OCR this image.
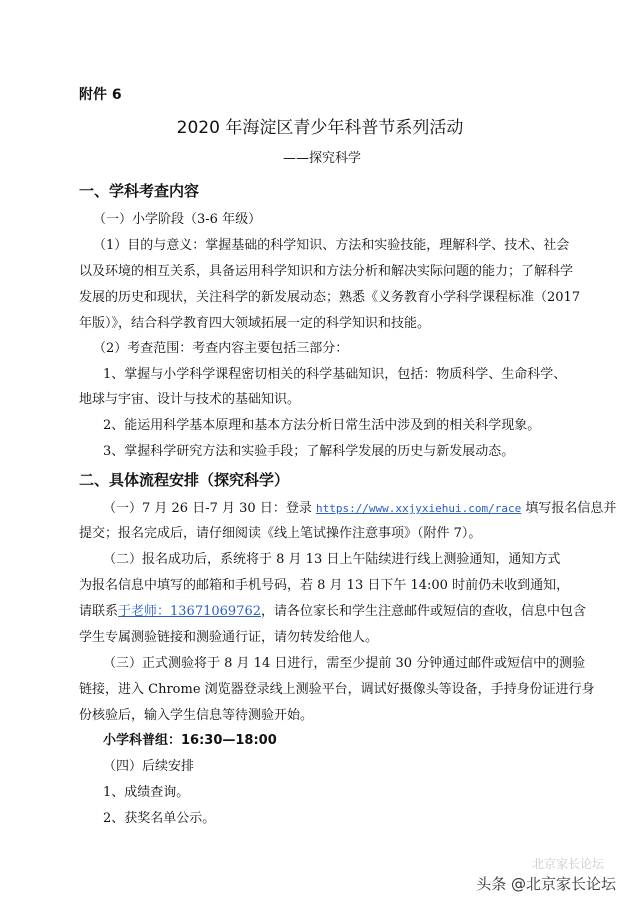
附件 6
2020 年海淀区青少年科普节系列活动
——探究科学
一、学科考查内容
（一）小学阶段（3-6 年级）
（1）目的与意义：掌握基础的科学知识、方法和实验技能，理解科学、技术、社会
以及环境的相互关系，具备运用科学知识和方法分析和解决实际问题的能力；了解科学
发展的历史和现状，关注科学的新发展动态；熟悉《义务教育小学科学课程标准（2017
年版）》，结合科学教育四大领域拓展一定的科学知识和技能。
（2）考查范围：考查内容主要包括三部分：
1、掌握与小学科学课程密切相关的科学基础知识，包括：物质科学、生命科学、
地球与宇宙、设计与技术的基础知识。
2、能运用科学基本原理和基本方法分析日常生活中涉及到的相关科学现象。
3、掌握科学研究方法和实验手段；了解科学发展的历史与新发展动态。
二、具体流程安排（探究科学）
（一）7 月 26 日-7 月 30 日：登录 https://www.xxjyxiehui.com/race 填写报名信息并
提交；报名完成后，请仔细阅读《线上笔试操作注意事项》（附件 7）。
（二）报名成功后，系统将于 8 月 13 日上午陆续进行线上测验通知，通知方式
为报名信息中填写的邮箱和手机号码，若 8 月 13 日下午 14:00 时前仍未收到通知，
请联系于老师：13671069762，请各位家长和学生注意邮件或短信的查收，信息中包含
学生专属测验链接和测验通行证，请勿转发给他人。
（三）正式测验将于 8 月 14 日进行，需至少提前 30 分钟通过邮件或短信中的测验
链接，进入 Chrome 浏览器登录线上测验平台，调试好摄像头等设备，手持身份证进行身
份核验后，输入学生信息等待测验开始。
小学科普组：16:30—18:00
（四）后续安排
1、成绩查询。
2、获奖名单公示。
北京家长论坛
头条 @北京家长论坛
